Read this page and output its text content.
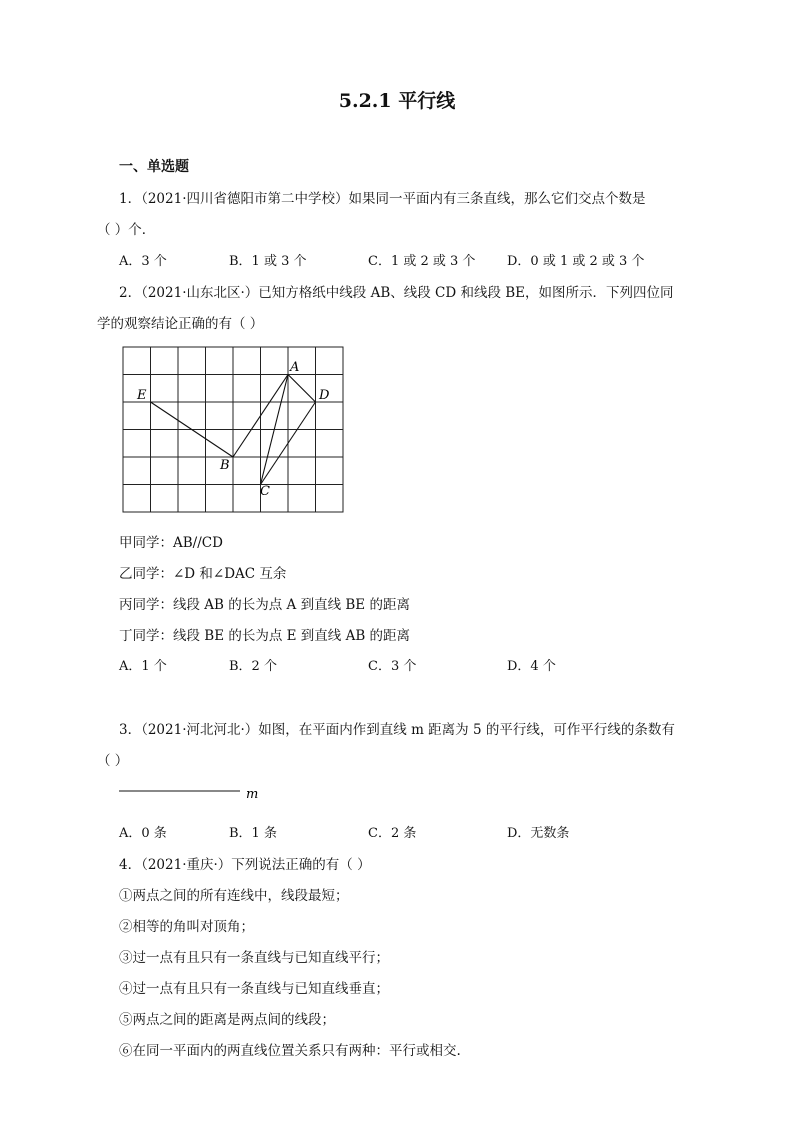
5.2.1 平行线
一、单选题
1．（2021·四川省德阳市第二中学校）如果同一平面内有三条直线，那么它们交点个数是
（ ）个．
A．3 个	B．1 或 3 个	C．1 或 2 或 3 个 D．0 或 1 或 2 或 3 个
2．（2021·山东北区·）已知方格纸中线段 AB、线段 CD 和线段 BE，如图所示．下列四位同
学的观察结论正确的有（ ）
A
B
C
D
E
甲同学：AB//CD
乙同学：∠D 和∠DAC 互余
丙同学：线段 AB 的长为点 A 到直线 BE 的距离
丁同学：线段 BE 的长为点 E 到直线 AB 的距离
A．1 个	B．2 个	C．3 个	D．4 个
3．（2021·河北河北·）如图，在平面内作到直线 m 距离为 5 的平行线，可作平行线的条数有
（ ）
m
A．0 条	B．1 条	C．2 条	D．无数条
4．（2021·重庆·）下列说法正确的有（ ）
①两点之间的所有连线中，线段最短；
②相等的角叫对顶角；
③过一点有且只有一条直线与已知直线平行；
④过一点有且只有一条直线与已知直线垂直；
⑤两点之间的距离是两点间的线段；
⑥在同一平面内的两直线位置关系只有两种：平行或相交.
